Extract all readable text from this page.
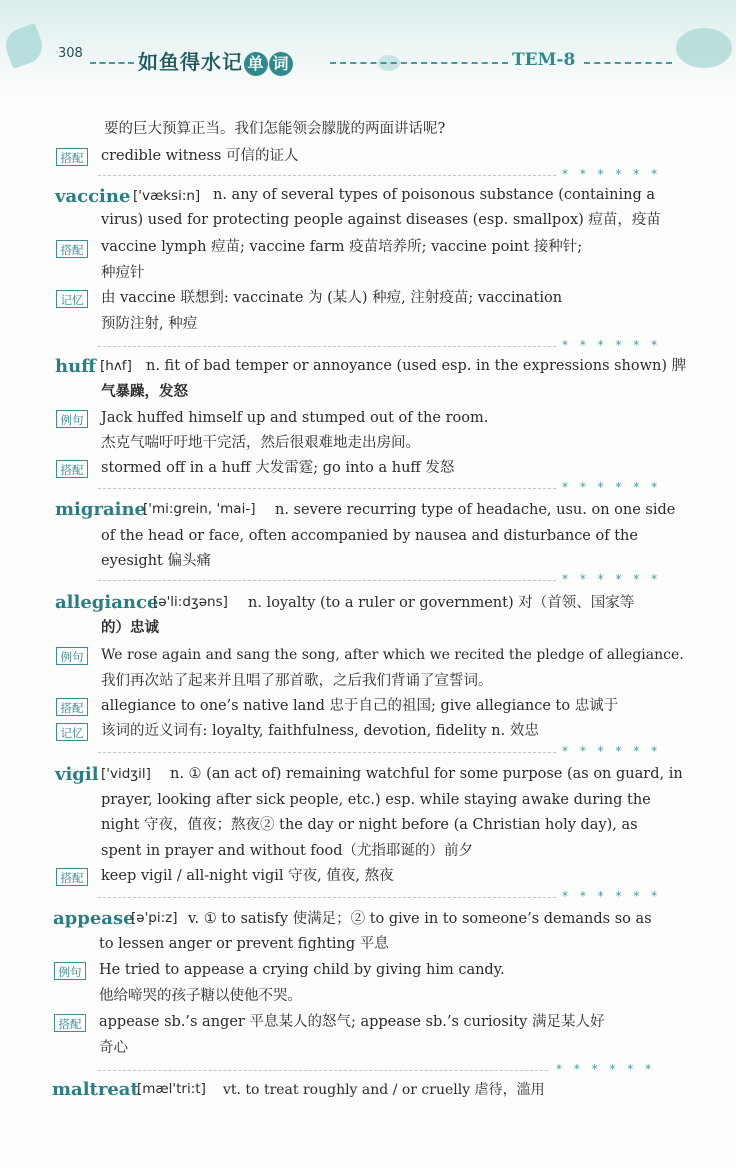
308	如鱼得水记 单 词	TEM-8
要的巨大预算正当。我们怎能领会朦胧的两面讲话呢?
搭配	credible witness 可信的证人
* * * * * *
vaccine ['væksi:n] n. any of several types of poisonous substance (containing a
virus) used for protecting people against diseases (esp. smallpox) 痘苗，疫苗
搭配	vaccine lymph 痘苗; vaccine farm 疫苗培养所; vaccine point 接种针;
种痘针
记忆	由 vaccine 联想到: vaccinate 为 (某人) 种痘, 注射疫苗; vaccination
预防注射, 种痘
* * * * * *
huff [hʌf] n. fit of bad temper or annoyance (used esp. in the expressions shown) 脾
气暴躁，发怒
例句	Jack huffed himself up and stumped out of the room.
杰克气喘吁吁地干完活，然后很艰难地走出房间。
搭配	stormed off in a huff 大发雷霆; go into a huff 发怒
* * * * * *
migraine
['mi:grein, 'mai-] n. severe recurring type of headache, usu. on one side
of the head or face, often accompanied by nausea and disturbance of the
eyesight 偏头痛
* * * * * *
allegiance
[ə'li:dʒəns] n. loyalty (to a ruler or government) 对（首领、国家等
的）忠诚
例句	We rose again and sang the song, after which we recited the pledge of allegiance.
我们再次站了起来并且唱了那首歌，之后我们背诵了宣誓词。
搭配	allegiance to one’s native land 忠于自己的祖国; give allegiance to 忠诚于
记忆	该词的近义词有: loyalty, faithfulness, devotion, fidelity n. 效忠
* * * * * *
vigil ['vidʒil] n. ① (an act of) remaining watchful for some purpose (as on guard, in
prayer, looking after sick people, etc.) esp. while staying awake during the
night 守夜，值夜；熬夜② the day or night before (a Christian holy day), as
spent in prayer and without food（尤指耶诞的）前夕
搭配	keep vigil / all-night vigil 守夜, 值夜, 熬夜
* * * * * *
appease
[ə'pi:z] v. ① to satisfy 使满足；② to give in to someone’s demands so as
to lessen anger or prevent fighting 平息
例句	He tried to appease a crying child by giving him candy.
他给啼哭的孩子糖以使他不哭。
搭配	appease sb.’s anger 平息某人的怒气; appease sb.’s curiosity 满足某人好
奇心
* * * * * *
maltreat
[mæl'tri:t] vt. to treat roughly and / or cruelly 虐待，滥用
